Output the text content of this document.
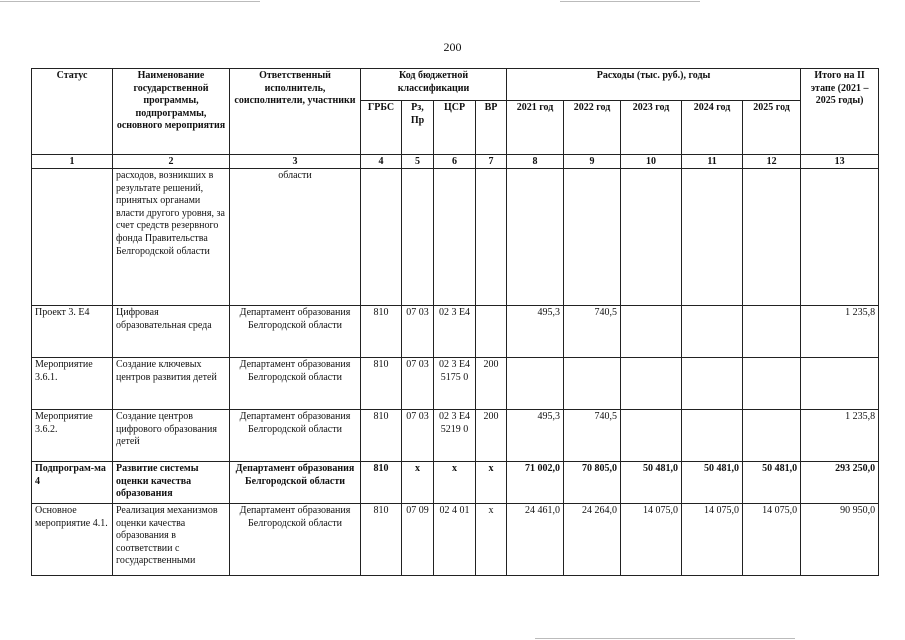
200
Статус	Наименование государственной программы, подпрограммы, основного мероприятия	Ответственный исполнитель, соисполнители, участники	Код бюджетной классификации				Расходы (тыс. руб.), годы					Итого на II этапе (2021 – 2025 годы)
			ГРБС	Рз, Пр	ЦСР	ВР	2021 год	2022 год	2023 год	2024 год	2025 год	
1	2	3	4	5	6	7	8	9	10	11	12	13
	расходов, возникших в результате решений, принятых органами власти другого уровня, за счет средств резервного фонда Правительства Белгородской области	области										
Проект 3. Е4	Цифровая образовательная среда	Департамент образования Белгородской области	810	07 03	02 3 Е4		495,3	740,5				1 235,8
Мероприятие 3.6.1.	Создание ключевых центров развития детей	Департамент образования Белгородской области	810	07 03	02 3 Е4 5175 0	200						
Мероприятие 3.6.2.	Создание центров цифрового образования детей	Департамент образования Белгородской области	810	07 03	02 3 Е4 5219 0	200	495,3	740,5				1 235,8
Подпрограм-ма 4	Развитие системы оценки качества образования	Департамент образования Белгородской области	810	х	х	х	71 002,0	70 805,0	50 481,0	50 481,0	50 481,0	293 250,0
Основное мероприятие 4.1.	Реализация механизмов оценки качества образования в соответствии с государственными	Департамент образования Белгородской области	810	07 09	02 4 01	х	24 461,0	24 264,0	14 075,0	14 075,0	14 075,0	90 950,0
